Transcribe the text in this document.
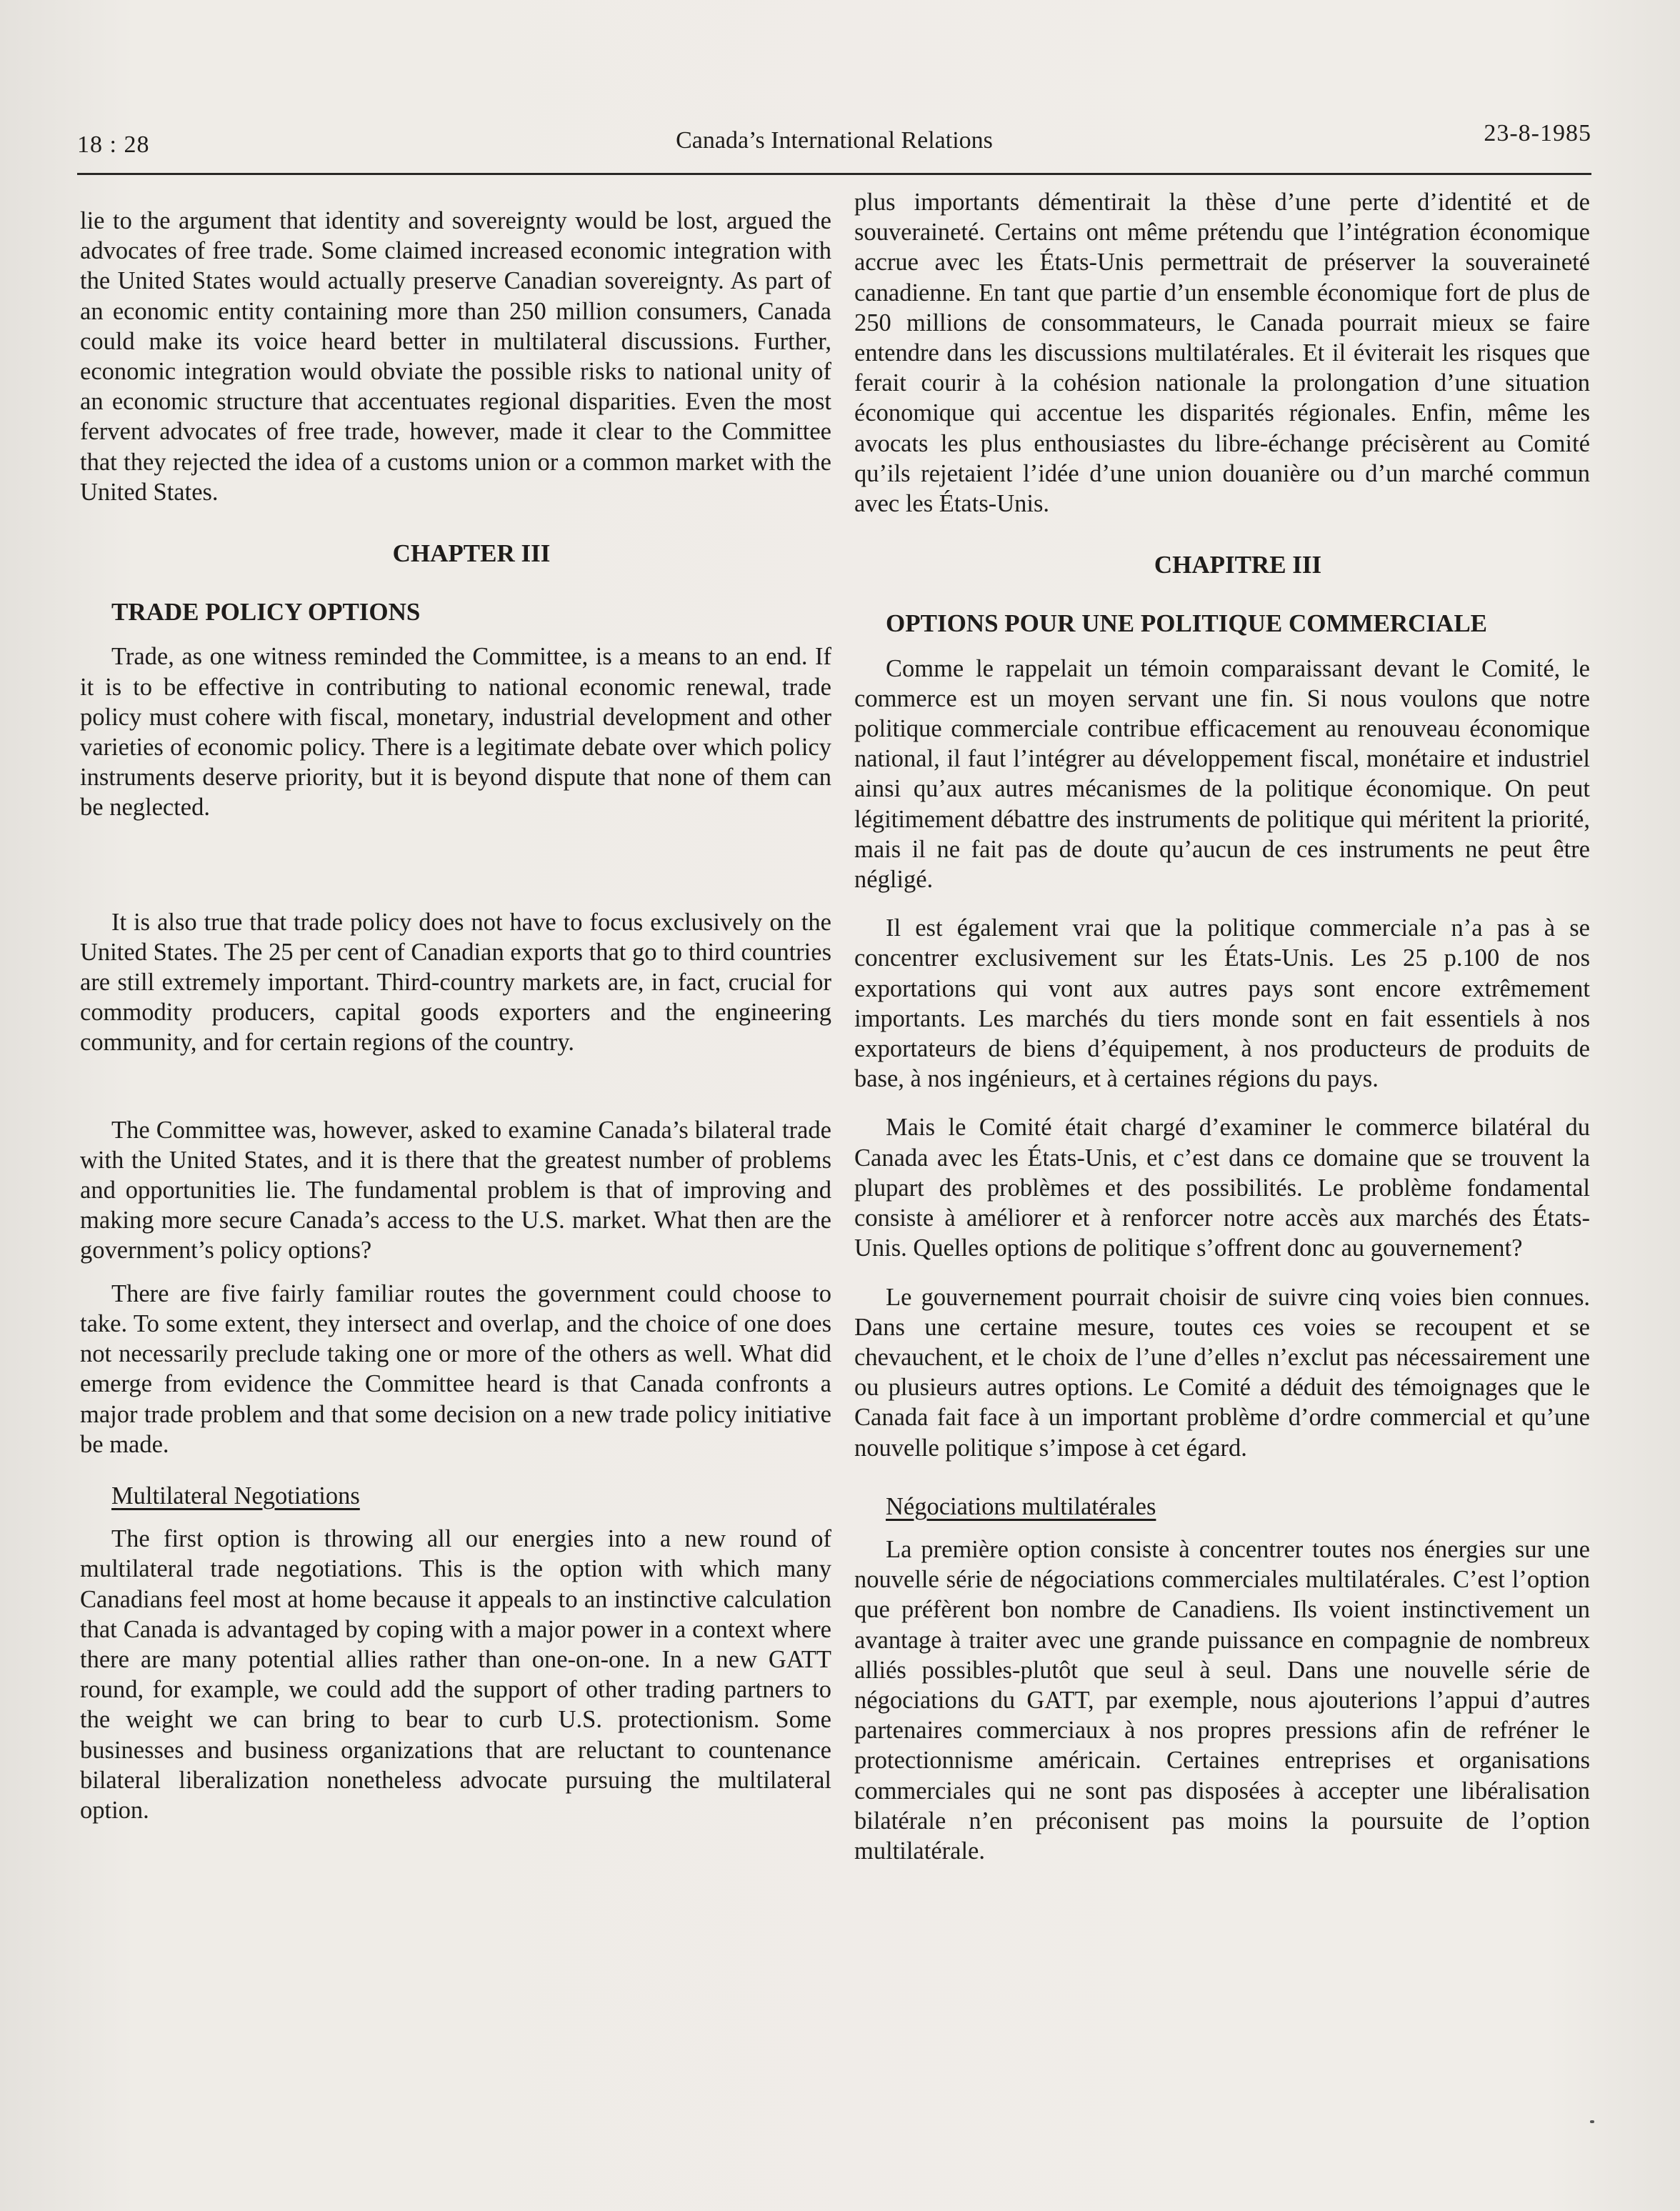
18 : 28	Canada’s International Relations	23-8-1985

lie to the argument that identity and sovereignty would be lost, argued the advocates of free trade. Some claimed increased economic integration with the United States would actually preserve Canadian sovereignty. As part of an economic entity containing more than 250 million consumers, Canada could make its voice heard better in multilateral discussions. Further, economic integration would obviate the possible risks to national unity of an economic structure that accentuates regional disparities. Even the most fervent advocates of free trade, however, made it clear to the Committee that they rejected the idea of a customs union or a common market with the United States.

CHAPTER III

TRADE POLICY OPTIONS

Trade, as one witness reminded the Committee, is a means to an end. If it is to be effective in contributing to national economic renewal, trade policy must cohere with fiscal, monetary, industrial development and other varieties of economic policy. There is a legitimate debate over which policy instruments deserve priority, but it is beyond dispute that none of them can be neglected.

It is also true that trade policy does not have to focus exclusively on the United States. The 25 per cent of Canadian exports that go to third countries are still extremely important. Third-country markets are, in fact, crucial for commodity producers, capital goods exporters and the engineering community, and for certain regions of the country.

The Committee was, however, asked to examine Canada’s bilateral trade with the United States, and it is there that the greatest number of problems and opportunities lie. The fundamental problem is that of improving and making more secure Canada’s access to the U.S. market. What then are the government’s policy options?

There are five fairly familiar routes the government could choose to take. To some extent, they intersect and overlap, and the choice of one does not necessarily preclude taking one or more of the others as well. What did emerge from evidence the Committee heard is that Canada confronts a major trade problem and that some decision on a new trade policy initiative be made.

Multilateral Negotiations

The first option is throwing all our energies into a new round of multilateral trade negotiations. This is the option with which many Canadians feel most at home because it appeals to an instinctive calculation that Canada is advantaged by coping with a major power in a context where there are many potential allies rather than one-on-one. In a new GATT round, for example, we could add the support of other trading partners to the weight we can bring to bear to curb U.S. protectionism. Some businesses and business organizations that are reluctant to countenance bilateral liberalization nonetheless advocate pursuing the multilateral option.

plus importants démentirait la thèse d’une perte d’identité et de souveraineté. Certains ont même prétendu que l’intégration économique accrue avec les États-Unis permettrait de préserver la souveraineté canadienne. En tant que partie d’un ensemble économique fort de plus de 250 millions de consommateurs, le Canada pourrait mieux se faire entendre dans les discussions multilatérales. Et il éviterait les risques que ferait courir à la cohésion nationale la prolongation d’une situation économique qui accentue les disparités régionales. Enfin, même les avocats les plus enthousiastes du libre-échange précisèrent au Comité qu’ils rejetaient l’idée d’une union douanière ou d’un marché commun avec les États-Unis.

CHAPITRE III

OPTIONS POUR UNE POLITIQUE COMMERCIALE

Comme le rappelait un témoin comparaissant devant le Comité, le commerce est un moyen servant une fin. Si nous voulons que notre politique commerciale contribue efficacement au renouveau économique national, il faut l’intégrer au développement fiscal, monétaire et industriel ainsi qu’aux autres mécanismes de la politique économique. On peut légitimement débattre des instruments de politique qui méritent la priorité, mais il ne fait pas de doute qu’aucun de ces instruments ne peut être négligé.

Il est également vrai que la politique commerciale n’a pas à se concentrer exclusivement sur les États-Unis. Les 25 p.100 de nos exportations qui vont aux autres pays sont encore extrêmement importants. Les marchés du tiers monde sont en fait essentiels à nos exportateurs de biens d’équipement, à nos producteurs de produits de base, à nos ingénieurs, et à certaines régions du pays.

Mais le Comité était chargé d’examiner le commerce bilatéral du Canada avec les États-Unis, et c’est dans ce domaine que se trouvent la plupart des problèmes et des possibilités. Le problème fondamental consiste à améliorer et à renforcer notre accès aux marchés des États-Unis. Quelles options de politique s’offrent donc au gouvernement?

Le gouvernement pourrait choisir de suivre cinq voies bien connues. Dans une certaine mesure, toutes ces voies se recoupent et se chevauchent, et le choix de l’une d’elles n’exclut pas nécessairement une ou plusieurs autres options. Le Comité a déduit des témoignages que le Canada fait face à un important problème d’ordre commercial et qu’une nouvelle politique s’impose à cet égard.

Négociations multilatérales

La première option consiste à concentrer toutes nos énergies sur une nouvelle série de négociations commerciales multilatérales. C’est l’option que préfèrent bon nombre de Canadiens. Ils voient instinctivement un avantage à traiter avec une grande puissance en compagnie de nombreux alliés possibles-plutôt que seul à seul. Dans une nouvelle série de négociations du GATT, par exemple, nous ajouterions l’appui d’autres partenaires commerciaux à nos propres pressions afin de refréner le protectionnisme américain. Certaines entreprises et organisations commerciales qui ne sont pas disposées à accepter une libéralisation bilatérale n’en préconisent pas moins la poursuite de l’option multilatérale.
